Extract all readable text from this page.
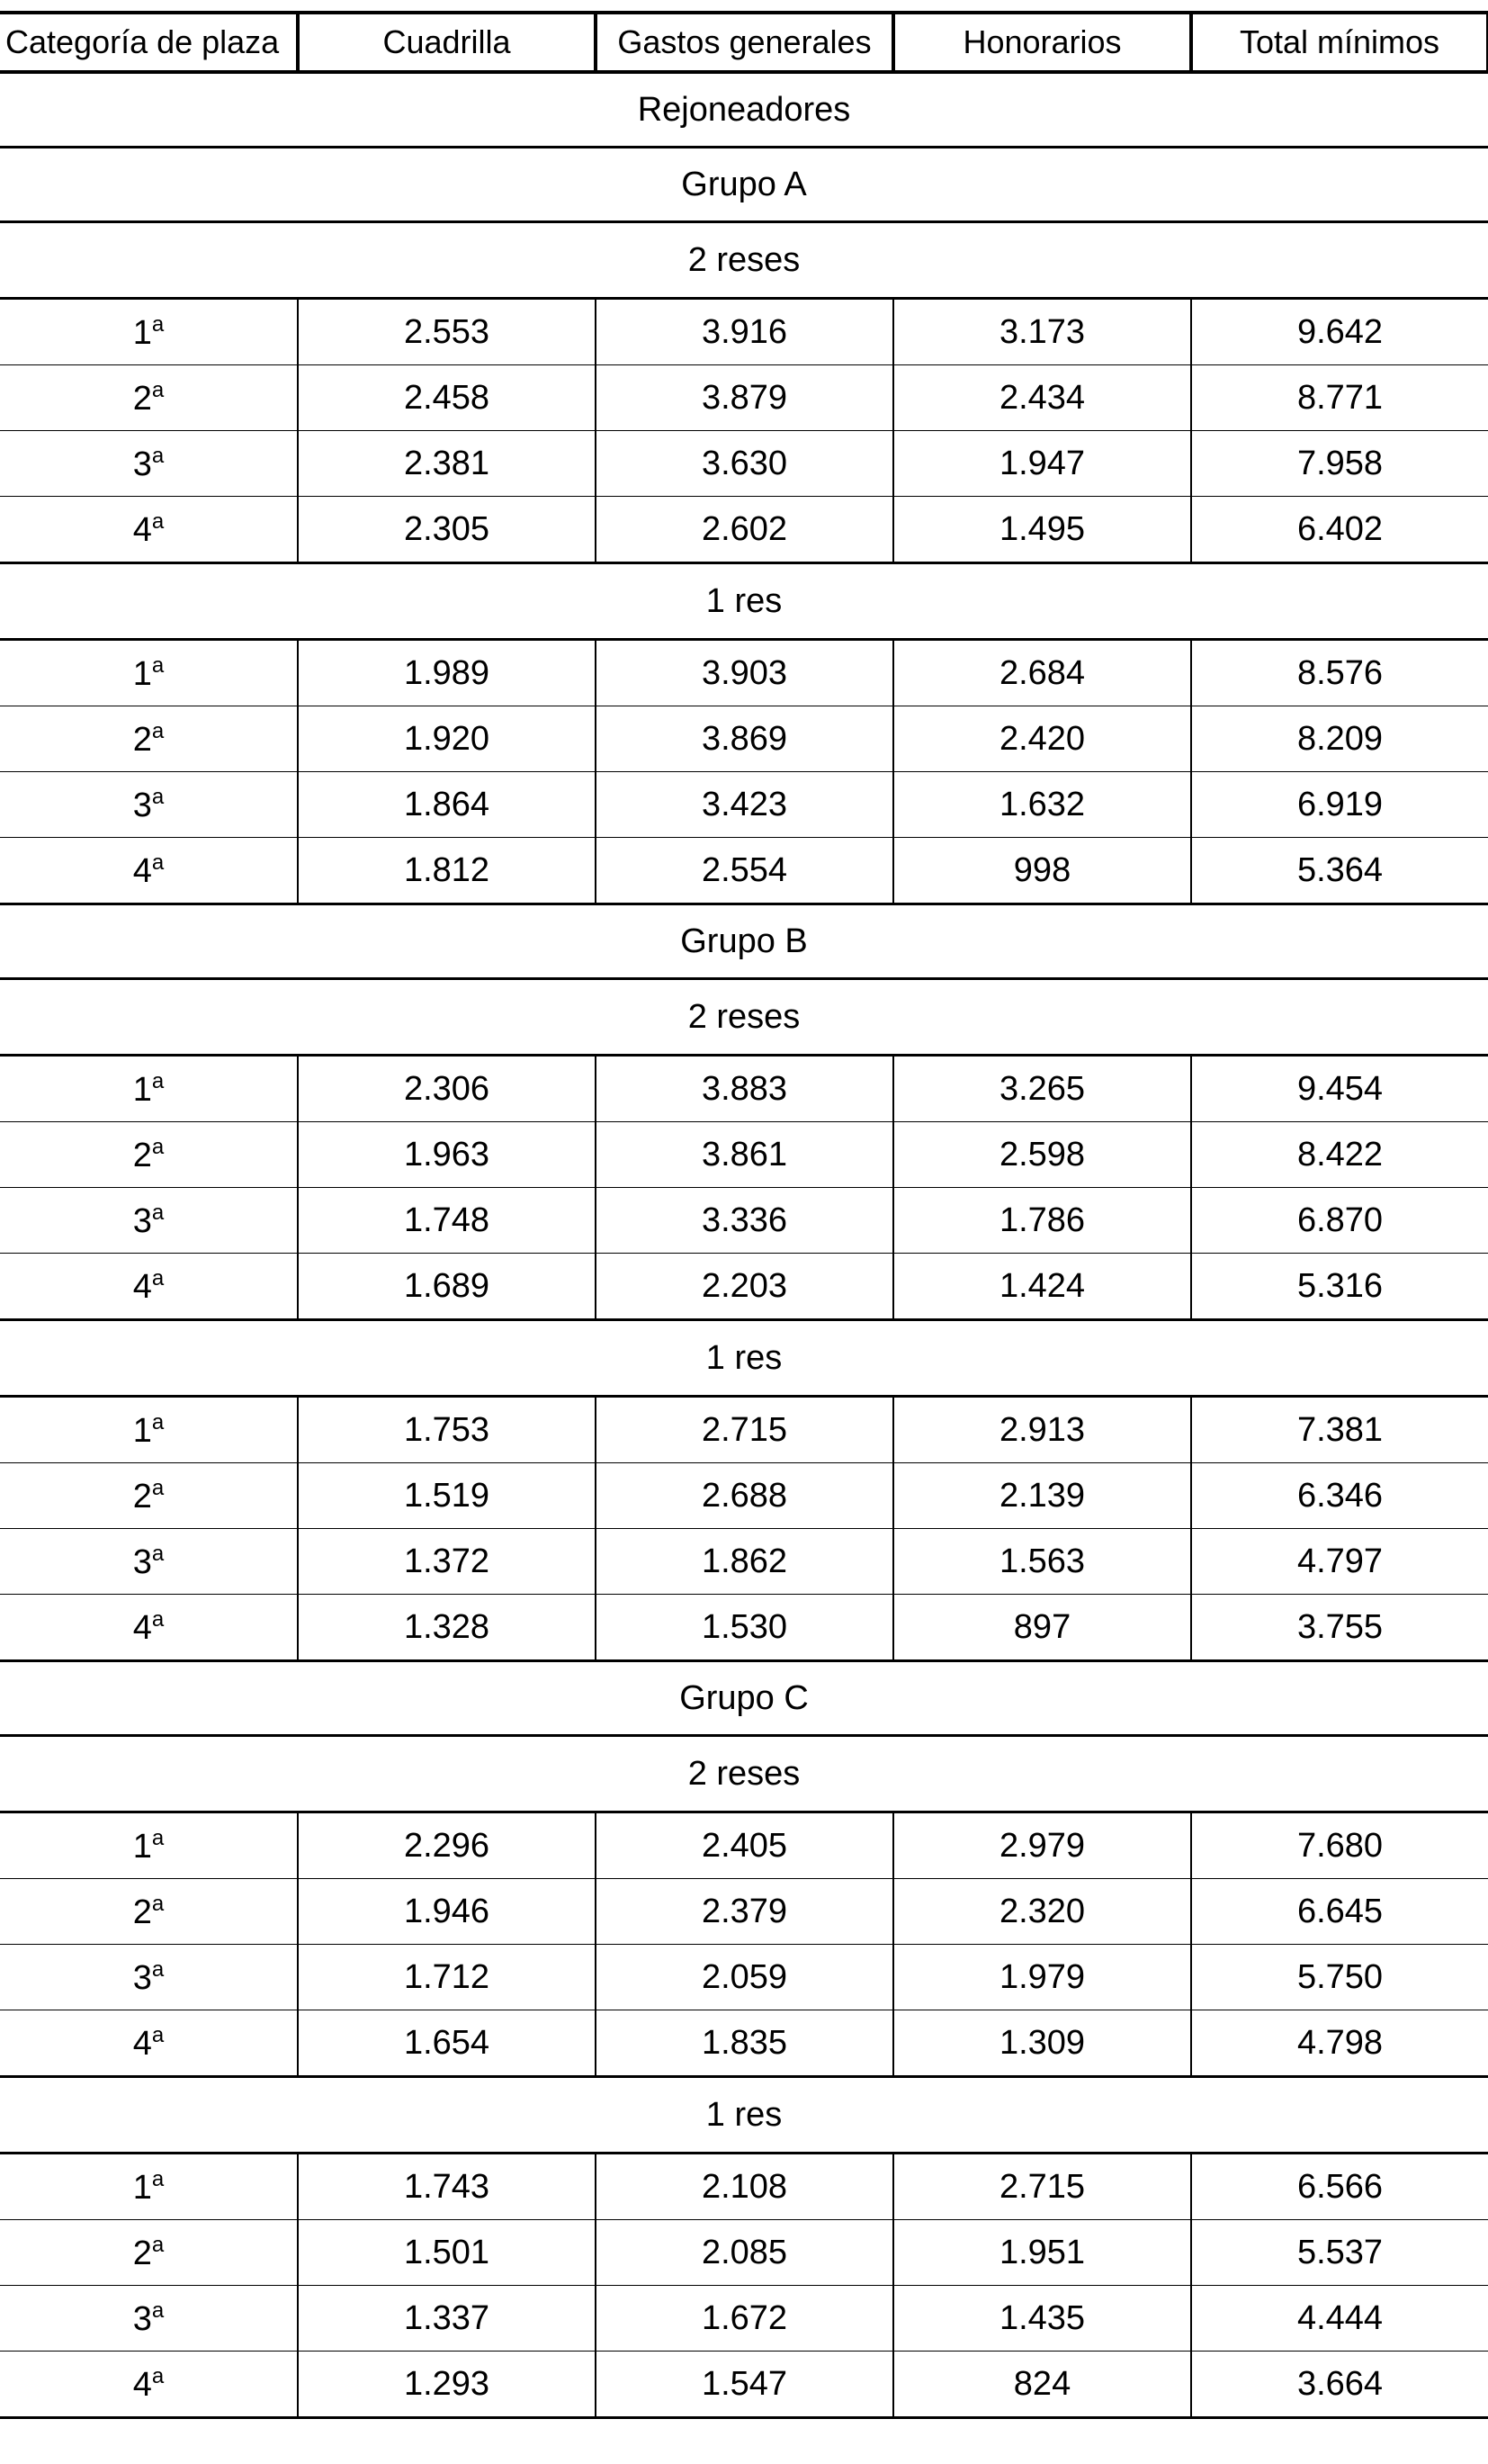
Categoría de plaza	Cuadrilla	Gastos generales	Honorarios	Total mínimos
Rejoneadores				
Grupo A				
2 reses				
1$^a$	2.553	3.916	3.173	9.642
2$^a$	2.458	3.879	2.434	8.771
3$^a$	2.381	3.630	1.947	7.958
4$^a$	2.305	2.602	1.495	6.402
1 res				
1$^a$	1.989	3.903	2.684	8.576
2$^a$	1.920	3.869	2.420	8.209
3$^a$	1.864	3.423	1.632	6.919
4$^a$	1.812	2.554	998	5.364
Grupo B				
2 reses				
1$^a$	2.306	3.883	3.265	9.454
2$^a$	1.963	3.861	2.598	8.422
3$^a$	1.748	3.336	1.786	6.870
4$^a$	1.689	2.203	1.424	5.316
1 res				
1$^a$	1.753	2.715	2.913	7.381
2$^a$	1.519	2.688	2.139	6.346
3$^a$	1.372	1.862	1.563	4.797
4$^a$	1.328	1.530	897	3.755
Grupo C				
2 reses				
1$^a$	2.296	2.405	2.979	7.680
2$^a$	1.946	2.379	2.320	6.645
3$^a$	1.712	2.059	1.979	5.750
4$^a$	1.654	1.835	1.309	4.798
1 res				
1$^a$	1.743	2.108	2.715	6.566
2$^a$	1.501	2.085	1.951	5.537
3$^a$	1.337	1.672	1.435	4.444
4$^a$	1.293	1.547	824	3.664
